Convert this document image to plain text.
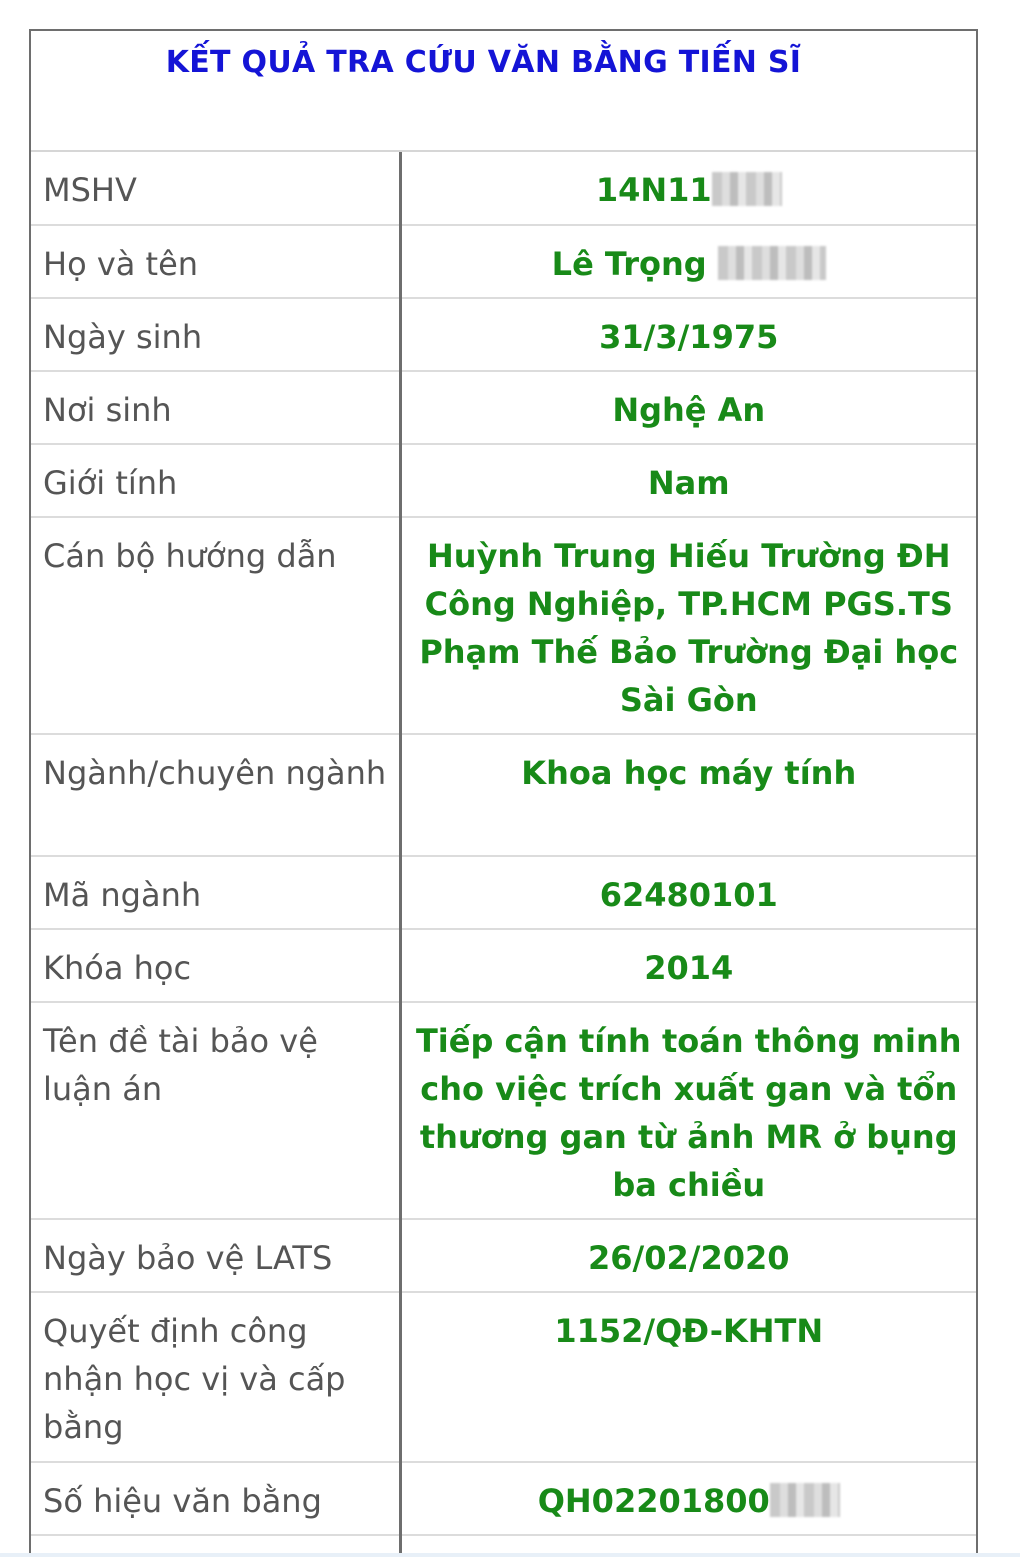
KẾT QUẢ TRA CỨU VĂN BẰNG TIẾN SĨ
MSHV	14N11
Họ và tên	Lê Trọng
Ngày sinh	31/3/1975
Nơi sinh	Nghệ An
Giới tính	Nam
Cán bộ hướng dẫn	Huỳnh Trung Hiếu Trường ĐH Công Nghiệp, TP.HCM PGS.TS Phạm Thế Bảo Trường Đại học Sài Gòn
Ngành/chuyên ngành	Khoa học máy tính
Mã ngành	62480101
Khóa học	2014
Tên đề tài bảo vệ luận án	Tiếp cận tính toán thông minh cho việc trích xuất gan và tổn thương gan từ ảnh MR ở bụng ba chiều
Ngày bảo vệ LATS	26/02/2020
Quyết định công nhận học vị và cấp bằng	1152/QĐ-KHTN
Số hiệu văn bằng	QH02201800
